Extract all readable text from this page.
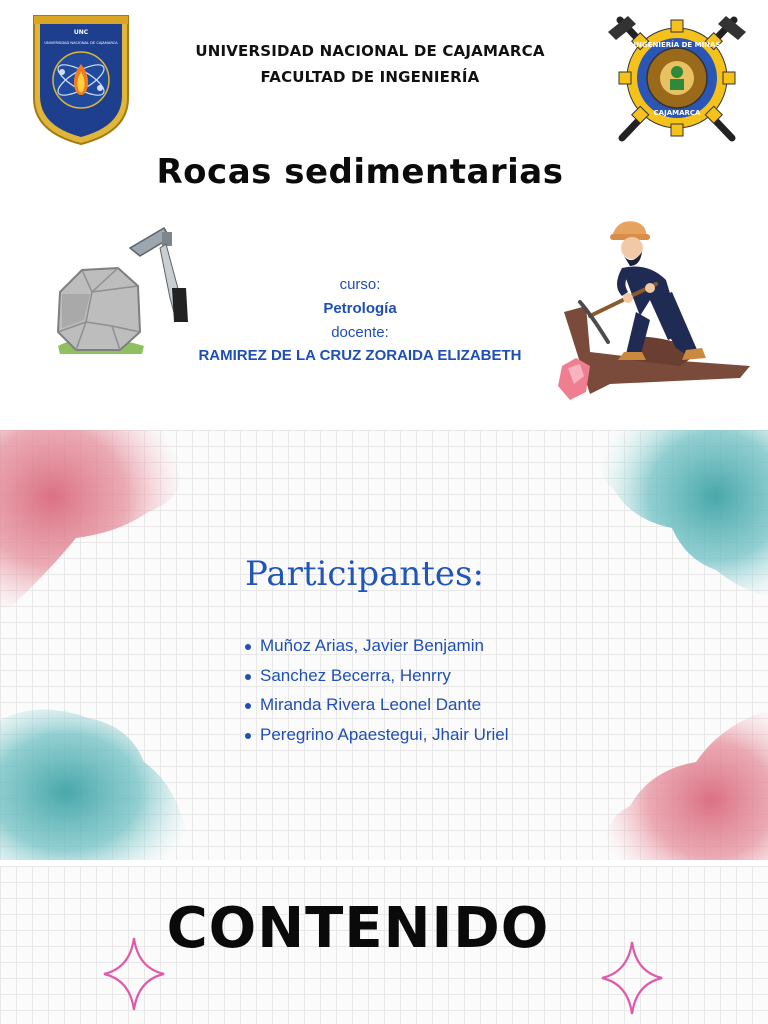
UNC
UNIVERSIDAD NACIONAL DE CAJAMARCA	UNIVERSIDAD NACIONAL DE CAJAMARCA
FACULTAD DE INGENIERÍA
INGENIERÍA DE MINAS
CAJAMARCA
Rocas sedimentarias
curso:
Petrología
docente:
RAMIREZ DE LA CRUZ ZORAIDA ELIZABETH
Participantes:
Muñoz Arias, Javier Benjamin
Sanchez Becerra, Henrry
Miranda Rivera Leonel Dante
Peregrino Apaestegui, Jhair Uriel
CONTENIDO
